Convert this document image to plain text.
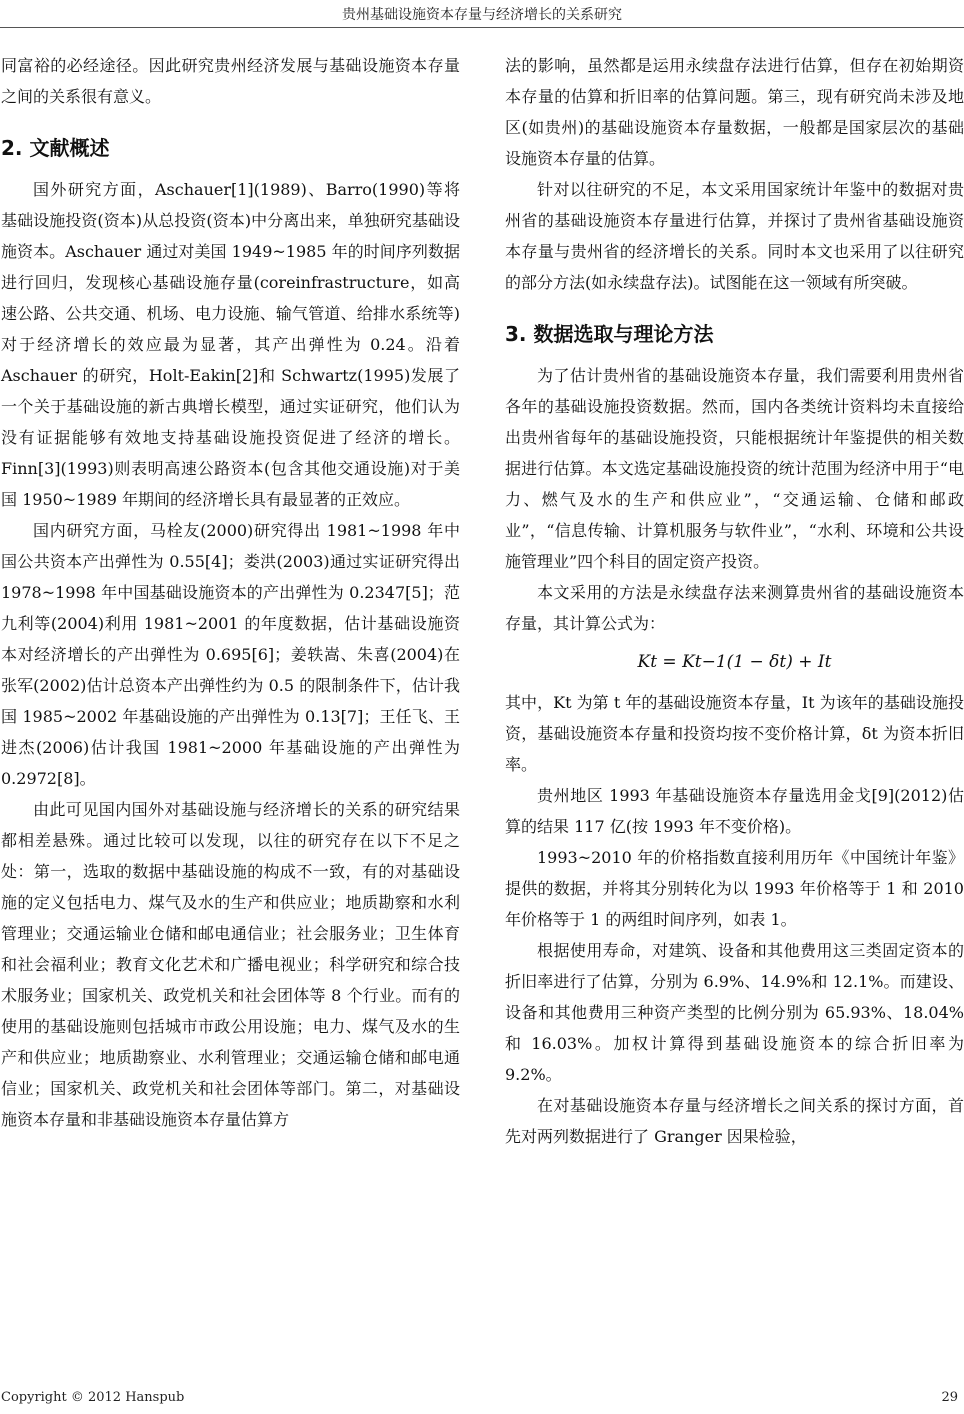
贵州基础设施资本存量与经济增长的关系研究

同富裕的必经途径。因此研究贵州经济发展与基础设施资本存量之间的关系很有意义。

2. 文献概述

国外研究方面，Aschauer[1](1989)、Barro(1990)等将基础设施投资(资本)从总投资(资本)中分离出来，单独研究基础设施资本。Aschauer 通过对美国 1949~1985 年的时间序列数据进行回归，发现核心基础设施存量(coreinfrastructure，如高速公路、公共交通、机场、电力设施、输气管道、给排水系统等)对于经济增长的效应最为显著，其产出弹性为 0.24。沿着 Aschauer 的研究，Holt-Eakin[2]和 Schwartz(1995)发展了一个关于基础设施的新古典增长模型，通过实证研究，他们认为没有证据能够有效地支持基础设施投资促进了经济的增长。Finn[3](1993)则表明高速公路资本(包含其他交通设施)对于美国 1950~1989 年期间的经济增长具有最显著的正效应。

国内研究方面，马栓友(2000)研究得出 1981~1998 年中国公共资本产出弹性为 0.55[4]；娄洪(2003)通过实证研究得出 1978~1998 年中国基础设施资本的产出弹性为 0.2347[5]；范九利等(2004)利用 1981~2001 的年度数据，估计基础设施资本对经济增长的产出弹性为 0.695[6]；姜轶嵩、朱喜(2004)在张军(2002)估计总资本产出弹性约为 0.5 的限制条件下，估计我国 1985~2002 年基础设施的产出弹性为 0.13[7]；王任飞、王进杰(2006)估计我国 1981~2000 年基础设施的产出弹性为 0.2972[8]。

由此可见国内国外对基础设施与经济增长的关系的研究结果都相差悬殊。通过比较可以发现，以往的研究存在以下不足之处：第一，选取的数据中基础设施的构成不一致，有的对基础设施的定义包括电力、煤气及水的生产和供应业；地质勘察和水利管理业；交通运输业仓储和邮电通信业；社会服务业；卫生体育和社会福利业；教育文化艺术和广播电视业；科学研究和综合技术服务业；国家机关、政党机关和社会团体等 8 个行业。而有的使用的基础设施则包括城市市政公用设施；电力、煤气及水的生产和供应业；地质勘察业、水利管理业；交通运输仓储和邮电通信业；国家机关、政党机关和社会团体等部门。第二，对基础设施资本存量和非基础设施资本存量估算方

法的影响，虽然都是运用永续盘存法进行估算，但存在初始期资本存量的估算和折旧率的估算问题。第三，现有研究尚未涉及地区(如贵州)的基础设施资本存量数据，一般都是国家层次的基础设施资本存量的估算。

针对以往研究的不足，本文采用国家统计年鉴中的数据对贵州省的基础设施资本存量进行估算，并探讨了贵州省基础设施资本存量与贵州省的经济增长的关系。同时本文也采用了以往研究的部分方法(如永续盘存法)。试图能在这一领域有所突破。

3. 数据选取与理论方法

为了估计贵州省的基础设施资本存量，我们需要利用贵州省各年的基础设施投资数据。然而，国内各类统计资料均未直接给出贵州省每年的基础设施投资，只能根据统计年鉴提供的相关数据进行估算。本文选定基础设施投资的统计范围为经济中用于“电力、燃气及水的生产和供应业”，“交通运输、仓储和邮政业”，“信息传输、计算机服务与软件业”，“水利、环境和公共设施管理业”四个科目的固定资产投资。

本文采用的方法是永续盘存法来测算贵州省的基础设施资本存量，其计算公式为：

Kt = Kt−1(1 − δt) + It

其中，Kt 为第 t 年的基础设施资本存量，It 为该年的基础设施投资，基础设施资本存量和投资均按不变价格计算，δt 为资本折旧率。

贵州地区 1993 年基础设施资本存量选用金戈[9](2012)估算的结果 117 亿(按 1993 年不变价格)。

1993~2010 年的价格指数直接利用历年《中国统计年鉴》提供的数据，并将其分别转化为以 1993 年价格等于 1 和 2010 年价格等于 1 的两组时间序列，如表 1。

根据使用寿命，对建筑、设备和其他费用这三类固定资本的折旧率进行了估算，分别为 6.9%、14.9%和 12.1%。而建设、设备和其他费用三种资产类型的比例分别为 65.93%、18.04%和 16.03%。加权计算得到基础设施资本的综合折旧率为 9.2%。

在对基础设施资本存量与经济增长之间关系的探讨方面，首先对两列数据进行了 Granger 因果检验，

Copyright © 2012 Hanspub	29
